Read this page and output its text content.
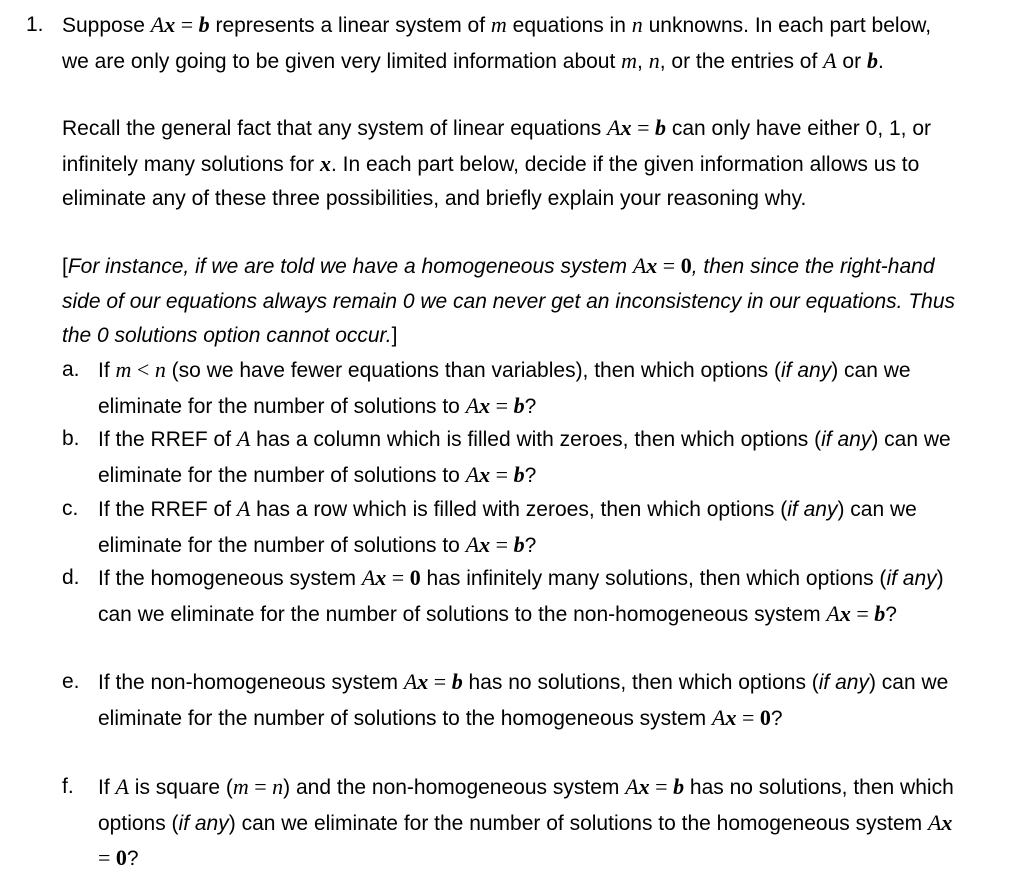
1. Suppose Ax = b represents a linear system of m equations in n unknowns. In each part below, we are only going to be given very limited information about m, n, or the entries of A or b.

Recall the general fact that any system of linear equations Ax = b can only have either 0, 1, or infinitely many solutions for x. In each part below, decide if the given information allows us to eliminate any of these three possibilities, and briefly explain your reasoning why.

[For instance, if we are told we have a homogeneous system Ax = 0, then since the right-hand side of our equations always remain 0 we can never get an inconsistency in our equations. Thus the 0 solutions option cannot occur.]

a. If m < n (so we have fewer equations than variables), then which options (if any) can we eliminate for the number of solutions to Ax = b?

b. If the RREF of A has a column which is filled with zeroes, then which options (if any) can we eliminate for the number of solutions to Ax = b?

c. If the RREF of A has a row which is filled with zeroes, then which options (if any) can we eliminate for the number of solutions to Ax = b?

d. If the homogeneous system Ax = 0 has infinitely many solutions, then which options (if any) can we eliminate for the number of solutions to the non-homogeneous system Ax = b?

e. If the non-homogeneous system Ax = b has no solutions, then which options (if any) can we eliminate for the number of solutions to the homogeneous system Ax = 0?

f. If A is square (m = n) and the non-homogeneous system Ax = b has no solutions, then which options (if any) can we eliminate for the number of solutions to the homogeneous system Ax = 0?
